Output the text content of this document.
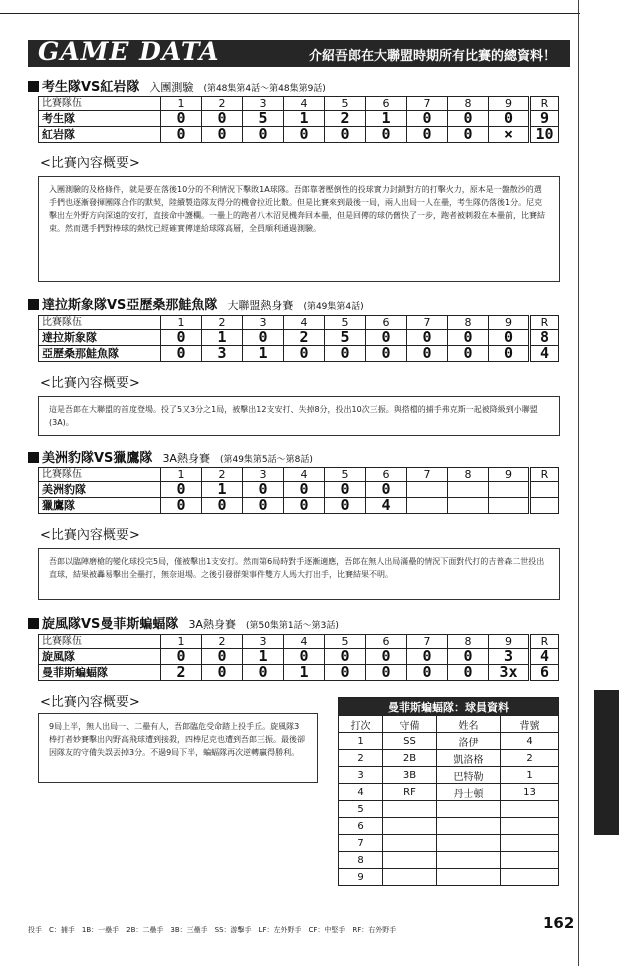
GAME DATA	介紹吾郎在大聯盟時期所有比賽的總資料！
考生隊VS紅岩隊 入團測驗 (第48集第4話〜第48集第9話)
比賽隊伍	1	2	3	4	5	6	7	8	9	R
考生隊	0	0	5	1	2	1	0	0	0	9
紅岩隊	0	0	0	0	0	0	0	0	×	10
<比賽內容概要>
入團測驗的及格條件，就是要在落後10分的不利情況下擊敗1A球隊。吾郎靠著壓倒性的投球實力封鎖對方的打擊火力，原本是一盤散沙的選手們也逐漸發揮團隊合作的默契，陸續製造隊友得分的機會拉近比數。但是比賽來到最後一局，兩人出局一人在壘，考生隊仍落後1分。尼克擊出左外野方向深遠的安打，直接命中護欄。一壘上的跑者八木沼見機奔回本壘，但是回傳的球仍舊快了一步，跑者被刺殺在本壘前，比賽結束。然而選手們對棒球的熱忱已經確實傳達給球隊高層，全員順利通過測驗。
達拉斯象隊VS亞歷桑那鮭魚隊 大聯盟熱身賽 (第49集第4話)
比賽隊伍	1	2	3	4	5	6	7	8	9	R
達拉斯象隊	0	1	0	2	5	0	0	0	0	8
亞歷桑那鮭魚隊	0	3	1	0	0	0	0	0	0	4
<比賽內容概要>
這是吾郎在大聯盟的首度登場。投了5又3分之1局，被擊出12支安打、失掉8分，投出10次三振。與搭檔的捕手弗克斯一起被降級到小聯盟(3A)。
美洲豹隊VS獵鷹隊 3A熱身賽 (第49集第5話〜第8話)
比賽隊伍	1	2	3	4	5	6	7	8	9	R
美洲豹隊	0	1	0	0	0	0				
獵鷹隊	0	0	0	0	0	4				
<比賽內容概要>
吾郎以臨陣磨槍的變化球投完5局，僅被擊出1支安打。然而第6局時對手逐漸適應，吾郎在無人出局滿壘的情況下面對代打的吉普森二世投出直球，結果被轟易擊出全壘打，無奈退場。之後引發群架事件雙方人馬大打出手，比賽結果不明。
旋風隊VS曼菲斯蝙蝠隊 3A熱身賽 (第50集第1話〜第3話)
比賽隊伍	1	2	3	4	5	6	7	8	9	R
旋風隊	0	0	1	0	0	0	0	0	3	4
曼菲斯蝙蝠隊	2	0	0	1	0	0	0	0	3x	6
<比賽內容概要>
9局上半，無人出局一、二壘有人，吾郎臨危受命踏上投手丘。旋風隊3棒打者妙賽擊出內野高飛球遭到接殺，四棒尼克也遭到吾郎三振。最後卻因隊友的守備失誤丟掉3分。不過9局下半，蝙蝠隊再次逆轉贏得勝利。
曼菲斯蝙蝠隊：球員資料			
打次	守備	姓名	背號
1	SS	洛伊	4
2	2B	凱洛格	2
3	3B	巴特勒	1
4	RF	丹士頓	13
5			
6			
7			
8			
9			
投手　C：捕手　1B：一壘手　2B：二壘手　3B：三壘手　SS：游擊手　LF：左外野手　CF：中堅手　RF：右外野手	162
